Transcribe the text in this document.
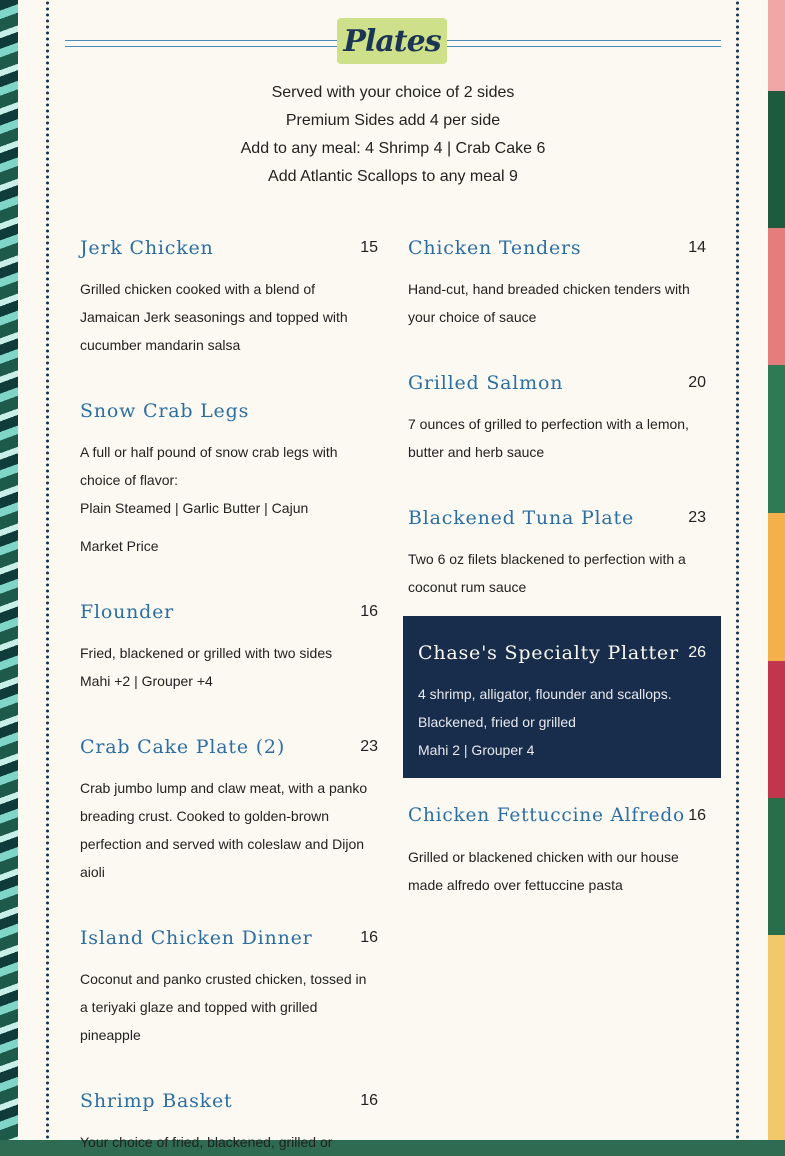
Plates
Served with your choice of 2 sides
Premium Sides add 4 per side
Add to any meal: 4 Shrimp 4 | Crab Cake 6
Add Atlantic Scallops to any meal 9
Jerk Chicken	15
Grilled chicken cooked with a blend of Jamaican Jerk seasonings and topped with cucumber mandarin salsa
Snow Crab Legs
A full or half pound of snow crab legs with choice of flavor:
Plain Steamed | Garlic Butter | Cajun
Market Price
Flounder	16
Fried, blackened or grilled with two sides
Mahi +2 | Grouper +4
Crab Cake Plate (2)	23
Crab jumbo lump and claw meat, with a panko breading crust. Cooked to golden-brown perfection and served with coleslaw and Dijon aioli
Island Chicken Dinner	16
Coconut and panko crusted chicken, tossed in a teriyaki glaze and topped with grilled pineapple
Shrimp Basket	16
Your choice of fried, blackened, grilled or
Chicken Tenders	14
Hand-cut, hand breaded chicken tenders with your choice of sauce
Grilled Salmon	20
7 ounces of grilled to perfection with a lemon, butter and herb sauce
Blackened Tuna Plate	23
Two 6 oz filets blackened to perfection with a coconut rum sauce
Chase's Specialty Platter 26
4 shrimp, alligator, flounder and scallops.
Blackened, fried or grilled
Mahi 2 | Grouper 4
Chicken Fettuccine Alfredo 16
Grilled or blackened chicken with our house made alfredo over fettuccine pasta
